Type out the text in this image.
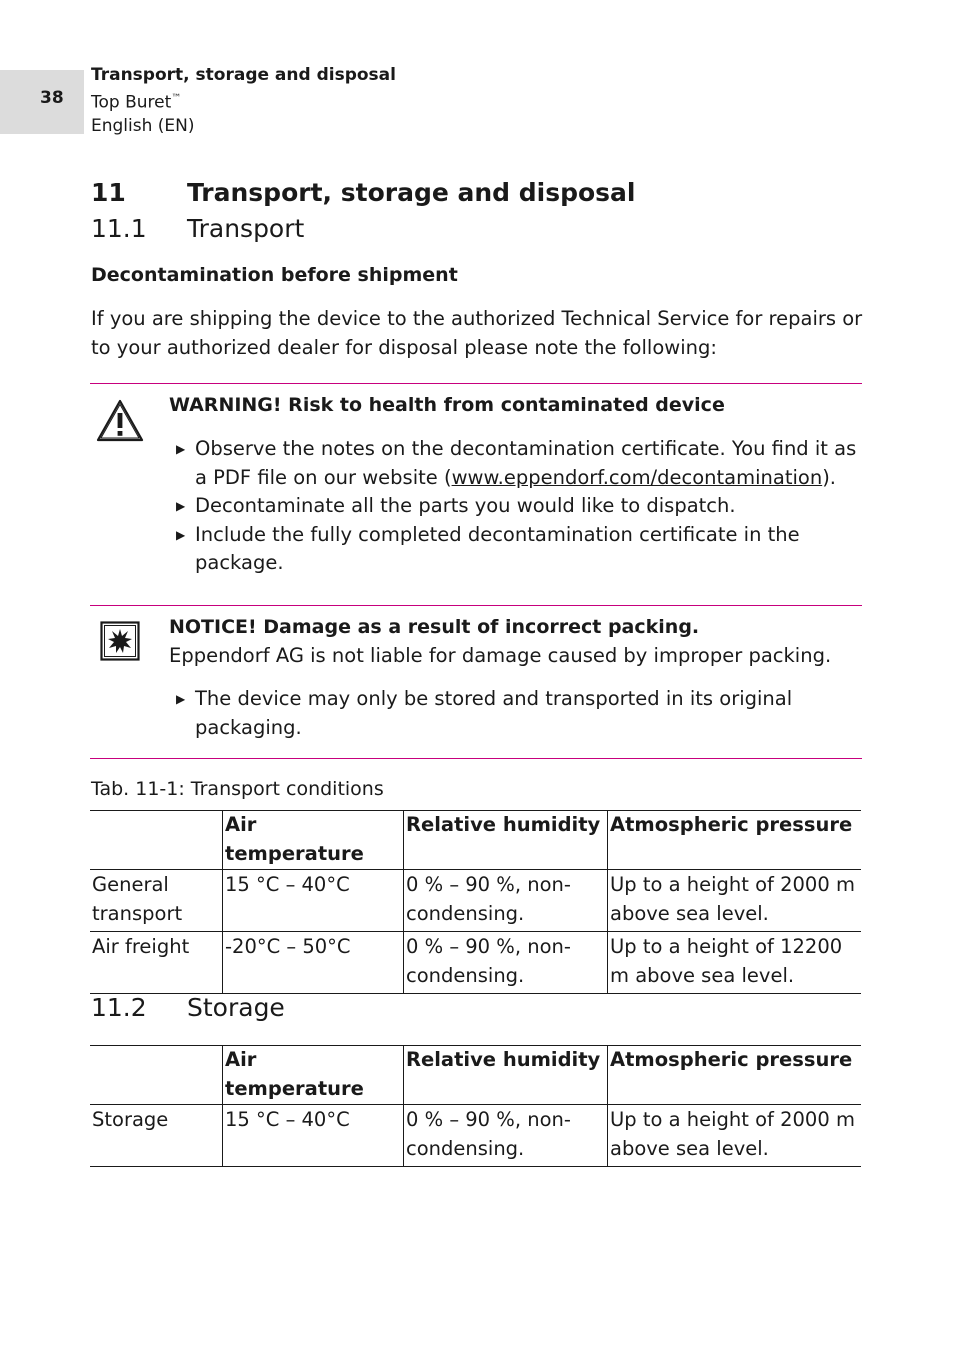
38
Transport, storage and disposal
Top Buret™
English (EN)
11 Transport, storage and disposal
11.1 Transport
Decontamination before shipment
If you are shipping the device to the authorized Technical Service for repairs or to your authorized dealer for disposal please note the following:
WARNING! Risk to health from contaminated device
▶ Observe the notes on the decontamination certificate. You find it as a PDF file on our website (www.eppendorf.com/decontamination).
▶ Decontaminate all the parts you would like to dispatch.
▶ Include the fully completed decontamination certificate in the package.
NOTICE! Damage as a result of incorrect packing.
Eppendorf AG is not liable for damage caused by improper packing.
▶ The device may only be stored and transported in its original packaging.
Tab. 11-1: Transport conditions
	Air temperature	Relative humidity	Atmospheric pressure
General transport	15 °C – 40°C	0 % – 90 %, non-condensing.	Up to a height of 2000 m above sea level.
Air freight	-20°C – 50°C	0 % – 90 %, non-condensing.	Up to a height of 12200 m above sea level.
11.2 Storage
	Air temperature	Relative humidity	Atmospheric pressure
Storage	15 °C – 40°C	0 % – 90 %, non-condensing.	Up to a height of 2000 m above sea level.
